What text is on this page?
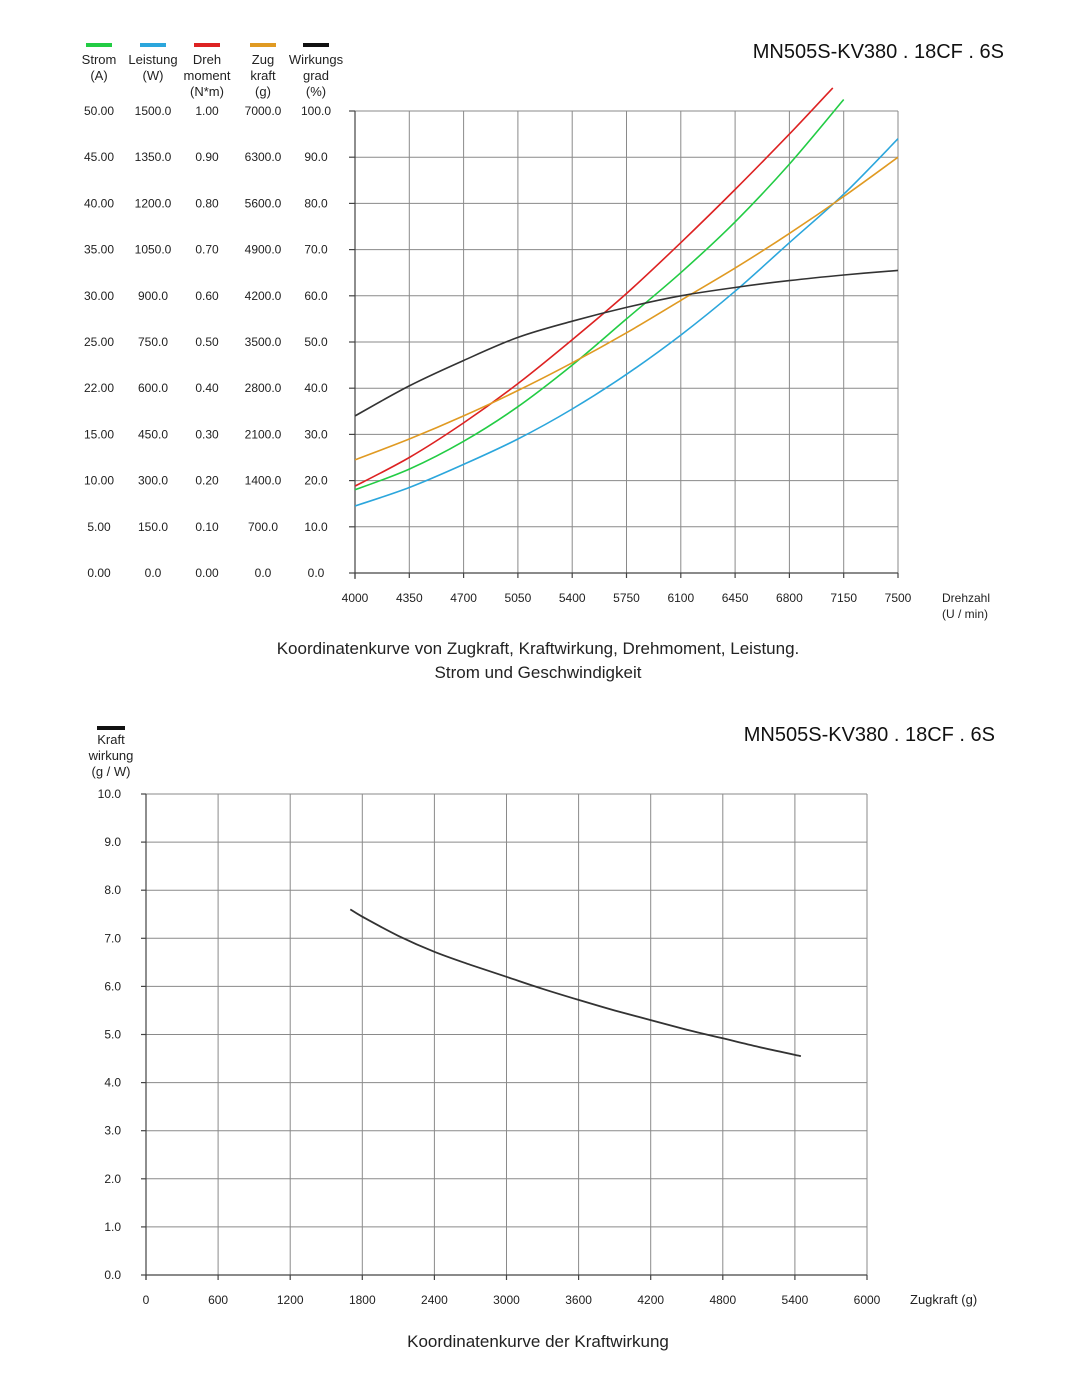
MN505S-KV380 . 18CF . 6S
Strom
(A)
Leistung
(W)
Dreh
moment
(N*m)
Zug
kraft
(g)
Wirkungs
grad
(%)
0.00
5.00
10.00
15.00
22.00
25.00
30.00
35.00
40.00
45.00
50.00
0.0
150.0
300.0
450.0
600.0
750.0
900.0
1050.0
1200.0
1350.0
1500.0
0.00
0.10
0.20
0.30
0.40
0.50
0.60
0.70
0.80
0.90
1.00
0.0
700.0
1400.0
2100.0
2800.0
3500.0
4200.0
4900.0
5600.0
6300.0
7000.0
0.0
10.0
20.0
30.0
40.0
50.0
60.0
70.0
80.0
90.0
100.0
4000 4350 4700 5050 5400 5750 6100 6450 6800 7150 7500	Drehzahl
(U / min)
Koordinatenkurve von Zugkraft, Kraftwirkung, Drehmoment, Leistung.
Strom und Geschwindigkeit
MN505S-KV380 . 18CF . 6S
Kraft
wirkung
(g / W)
0.0
1.0
2.0
3.0
4.0
5.0
6.0
7.0
8.0
9.0
10.0
0	600	1200	1800	2400	3000	3600	4200	4800	5400	6000 Zugkraft (g)
Koordinatenkurve der Kraftwirkung
